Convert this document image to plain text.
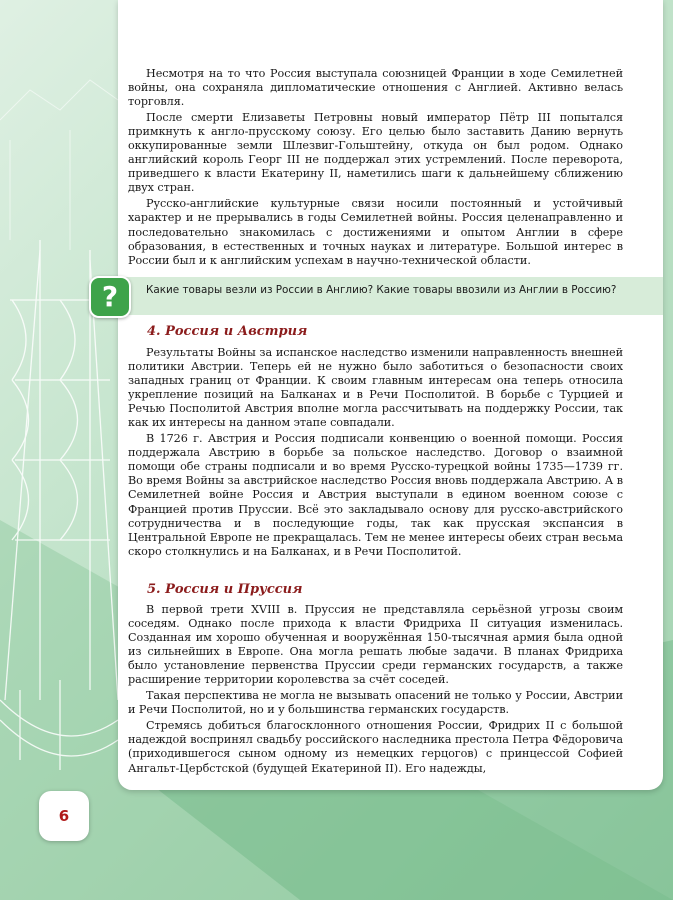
Несмотря на то что Россия выступала союзницей Франции в ходе Семилетней войны, она сохраняла дипломатические отношения с Англией. Активно велась торговля.

После смерти Елизаветы Петровны новый император Пётр III попытался примкнуть к англо-прусскому союзу. Его целью было заставить Данию вернуть оккупированные земли Шлезвиг-Гольштейну, откуда он был родом. Однако английский король Георг III не поддержал этих устремлений. После переворота, приведшего к власти Екатерину II, наметились шаги к дальнейшему сближению двух стран.

Русско-английские культурные связи носили постоянный и устойчивый характер и не прерывались в годы Семилетней войны. Россия целенаправленно и последовательно знакомилась с достижениями и опытом Англии в сфере образования, в естественных и точных науках и литературе. Большой интерес в России был и к английским успехам в научно-технической области.

?	Какие товары везли из России в Англию? Какие товары ввозили из Англии в Россию?
4. Россия и Австрия

Результаты Войны за испанское наследство изменили направленность внешней политики Австрии. Теперь ей не нужно было заботиться о безопасности своих западных границ от Франции. К своим главным интересам она теперь относила укрепление позиций на Балканах и в Речи Посполитой. В борьбе с Турцией и Речью Посполитой Австрия вполне могла рассчитывать на поддержку России, так как их интересы на данном этапе совпадали.

В 1726 г. Австрия и Россия подписали конвенцию о военной помощи. Россия поддержала Австрию в борьбе за польское наследство. Договор о взаимной помощи обе страны подписали и во время Русско-турецкой войны 1735—1739 гг. Во время Войны за австрийское наследство Россия вновь поддержала Австрию. А в Семилетней войне Россия и Австрия выступали в едином военном союзе с Францией против Пруссии. Всё это закладывало основу для русско-австрийского сотрудничества и в последующие годы, так как прусская экспансия в Центральной Европе не прекращалась. Тем не менее интересы обеих стран весьма скоро столкнулись и на Балканах, и в Речи Посполитой.

5. Россия и Пруссия

В первой трети XVIII в. Пруссия не представляла серьёзной угрозы своим соседям. Однако после прихода к власти Фридриха II ситуация изменилась. Созданная им хорошо обученная и вооружённая 150-тысячная армия была одной из сильнейших в Европе. Она могла решать любые задачи. В планах Фридриха было установление первенства Пруссии среди германских государств, а также расширение территории королевства за счёт соседей.

Такая перспектива не могла не вызывать опасений не только у России, Австрии и Речи Посполитой, но и у большинства германских государств.

Стремясь добиться благосклонного отношения России, Фридрих II с большой надеждой воспринял свадьбу российского наследника престола Петра Фёдоровича (приходившегося сыном одному из немецких герцогов) с принцессой Софией Ангальт-Цербстской (будущей Екатериной II). Его надежды,

6
